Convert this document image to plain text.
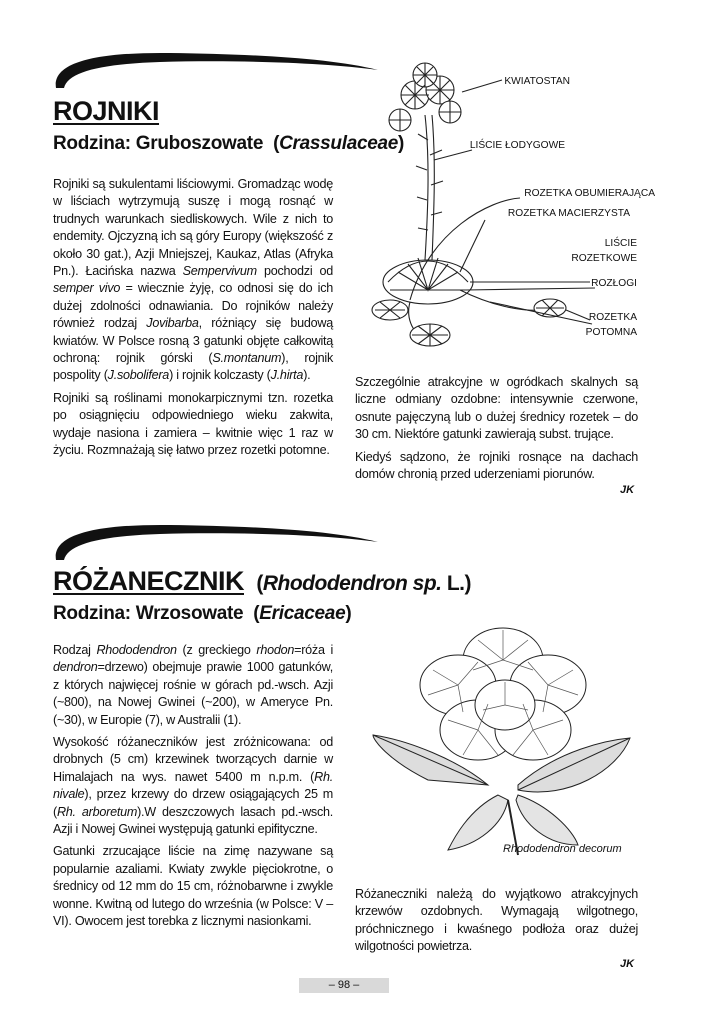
ROJNIKI
Rodzina: Gruboszowate (Crassulaceae)

Rojniki są sukulentami liściowymi. Gromadząc wodę w liściach wytrzymują suszę i mogą rosnąć w trudnych warunkach siedliskowych. Wile z nich to endemity. Ojczyzną ich są góry Europy (większość z około 30 gat.), Azji Mniejszej, Kaukaz, Atlas (Afryka Pn.). Łacińska nazwa Sempervivum pochodzi od semper vivo = wiecznie żyję, co odnosi się do ich dużej zdolności odnawiania. Do rojników należy również rodzaj Jovibarba, różniący się budową kwiatów. W Polsce rosną 3 gatunki objęte całkowitą ochroną: rojnik górski (S.montanum), rojnik pospolity (J.sobolifera) i rojnik kolczasty (J.hirta).

Rojniki są roślinami monokarpicznymi tzn. rozetka po osiągnięciu odpowiedniego wieku zakwita, wydaje nasiona i zamiera – kwitnie więc 1 raz w życiu. Rozmnażają się łatwo przez rozetki potomne.

KWIATOSTAN
LIŚCIE ŁODYGOWE
ROZETKA OBUMIERAJĄCA
ROZETKA MACIERZYSTA
LIŚCIE
ROZETKOWE
ROZŁOGI
ROZETKA
POTOMNA

Szczególnie atrakcyjne w ogródkach skalnych są liczne odmiany ozdobne: intensywnie czerwone, osnute pajęczyną lub o dużej średnicy rozetek – do 30 cm. Niektóre gatunki zawierają subst. trujące.

Kiedyś sądzono, że rojniki rosnące na dachach domów chronią przed uderzeniami piorunów.

JK
RÓŻANECZNIK (Rhododendron sp. L.)
Rodzina: Wrzosowate (Ericaceae)

Rodzaj Rhododendron (z greckiego rhodon=róża i dendron=drzewo) obejmuje prawie 1000 gatunków, z których najwięcej rośnie w górach pd.-wsch. Azji (~800), na Nowej Gwinei (~200), w Ameryce Pn. (~30), w Europie (7), w Australii (1).

Wysokość różaneczników jest zróżnicowana: od drobnych (5 cm) krzewinek tworzących darnie w Himalajach na wys. nawet 5400 m n.p.m. (Rh. nivale), przez krzewy do drzew osiągających 25 m (Rh. arboretum).W deszczowych lasach pd.-wsch. Azji i Nowej Gwinei występują gatunki epifityczne.

Gatunki zrzucające liście na zimę nazywane są popularnie azaliami. Kwiaty zwykle pięciokrotne, o średnicy od 12 mm do 15 cm, różnobarwne i zwykle wonne. Kwitną od lutego do września (w Polsce: V – VI). Owocem jest torebka z licznymi nasionkami.

Rhododendron decorum

Różaneczniki należą do wyjątkowo atrakcyjnych krzewów ozdobnych. Wymagają wilgotnego, próchnicznego i kwaśnego podłoża oraz dużej wilgotności powietrza.

JK
– 98 –
